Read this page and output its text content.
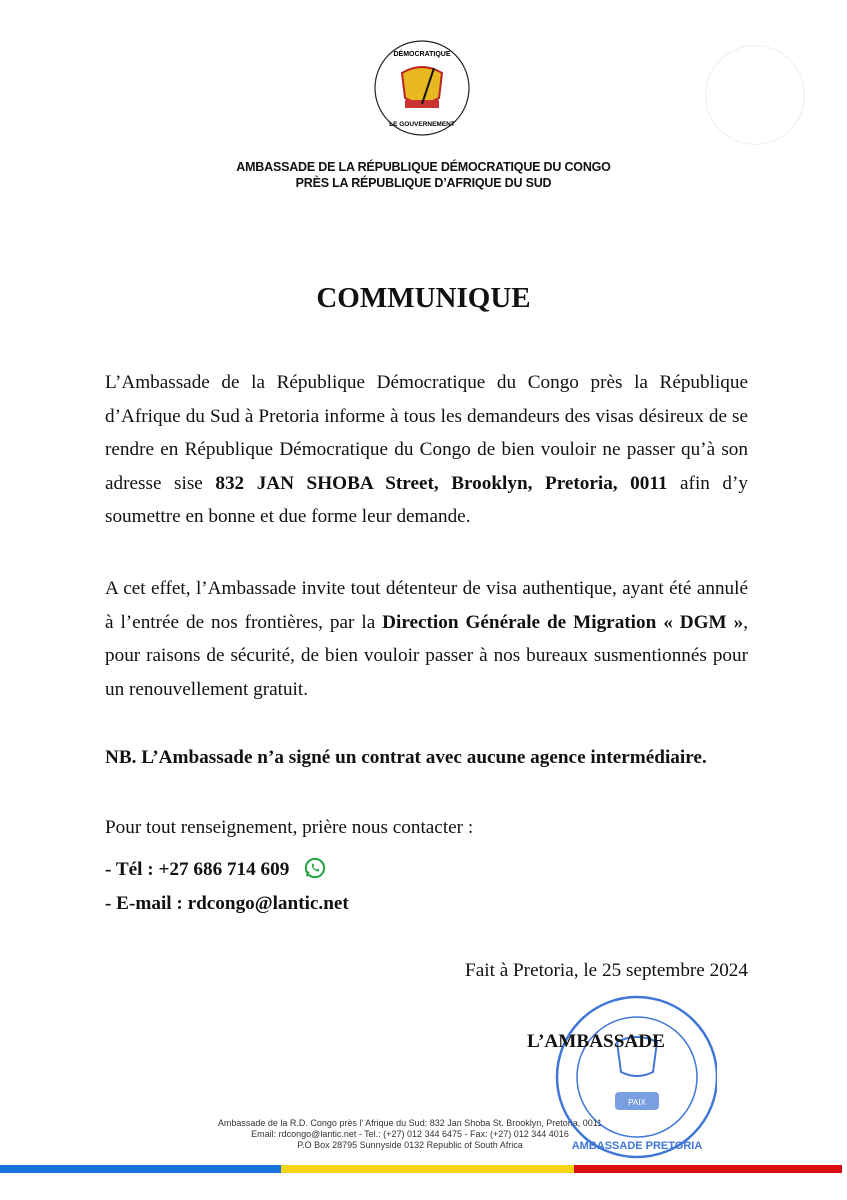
DÉMOCRATIQUE
LE GOUVERNEMENT
AMBASSADE DE LA RÉPUBLIQUE DÉMOCRATIQUE DU CONGO
PRÈS LA RÉPUBLIQUE D’AFRIQUE DU SUD
COMMUNIQUE
L’Ambassade de la République Démocratique du Congo près la République d’Afrique du Sud à Pretoria informe à tous les demandeurs des visas désireux de se rendre en République Démocratique du Congo de bien vouloir ne passer qu’à son adresse sise 832 JAN SHOBA Street, Brooklyn, Pretoria, 0011 afin d’y soumettre en bonne et due forme leur demande.
A cet effet, l’Ambassade invite tout détenteur de visa authentique, ayant été annulé à l’entrée de nos frontières, par la Direction Générale de Migration « DGM », pour raisons de sécurité, de bien vouloir passer à nos bureaux susmentionnés pour un renouvellement gratuit.
NB. L’Ambassade n’a signé un contrat avec aucune agence intermédiaire.
Pour tout renseignement, prière nous contacter :
- Tél : +27 686 714 609
- E-mail : rdcongo@lantic.net
Fait à Pretoria, le 25 septembre 2024
Ambassade de la R.D. Congo près l' Afrique du Sud: 832 Jan Shoba St. Brooklyn, Pretoria, 0011
Email: rdcongo@lantic.net - Tel.: (+27) 012 344 6475 - Fax: (+27) 012 344 4016
P.O Box 28795 Sunnyside 0132 Republic of South Africa
PAIX
AMBASSADE PRETORIA
L’AMBASSADE
